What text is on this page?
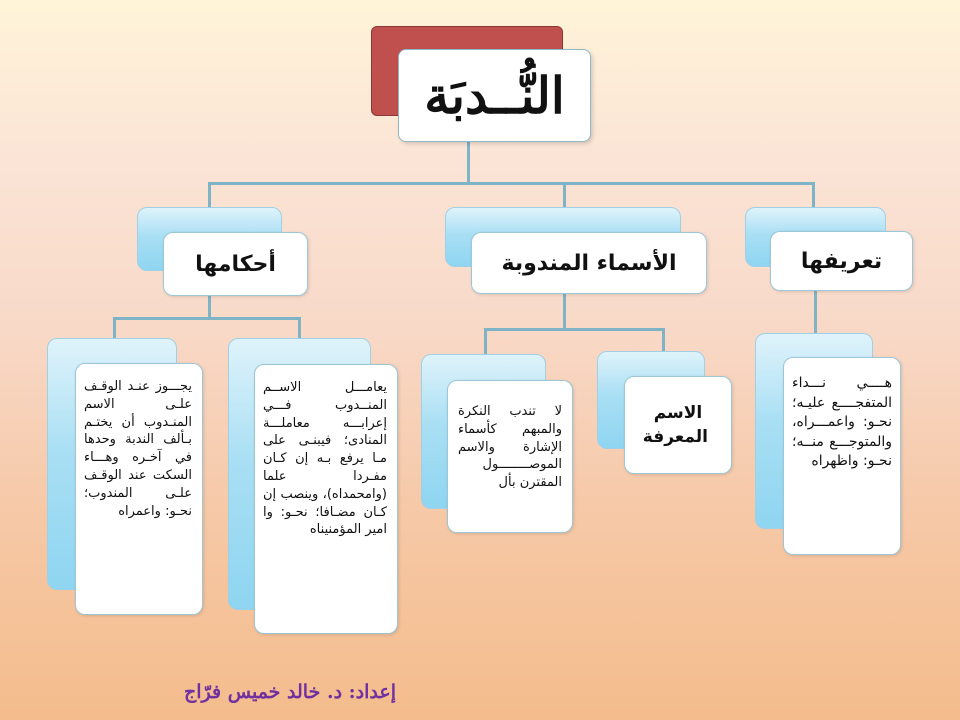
النُّــدبَة
تعريفها
الأسماء المندوبة
أحكامها
هــــي نـــداء المتفجــــع عليـه؛ نحـو: واعمـــراه، والمتوجـــع منــه؛ نحـو: واظهراه
الاسم المعرفة
لا تندب النكرة والمبهم كأسماء الإشارة والاسم الموصــــــــول المقترن بأل
يعامـــل الاســم المنــدوب فـــي إعرابـــه معاملـــة المنادى؛ فيبنـى على مـا يرفع بـه إن كـان مفـردا علما (وامحمداه)، وينصب إن كـان مضـافا؛ نحـو: وا امير المؤمنيناه
يجـــوز عنـد الوقـف علـى الاسم المنـدوب أن يختـم بـألف الندبة وحدها في آخـره وهـــاء السكت عند الوقـف علـى المندوب؛ نحـو: واعمراه
إعداد: د. خالد خميس فرّاج
